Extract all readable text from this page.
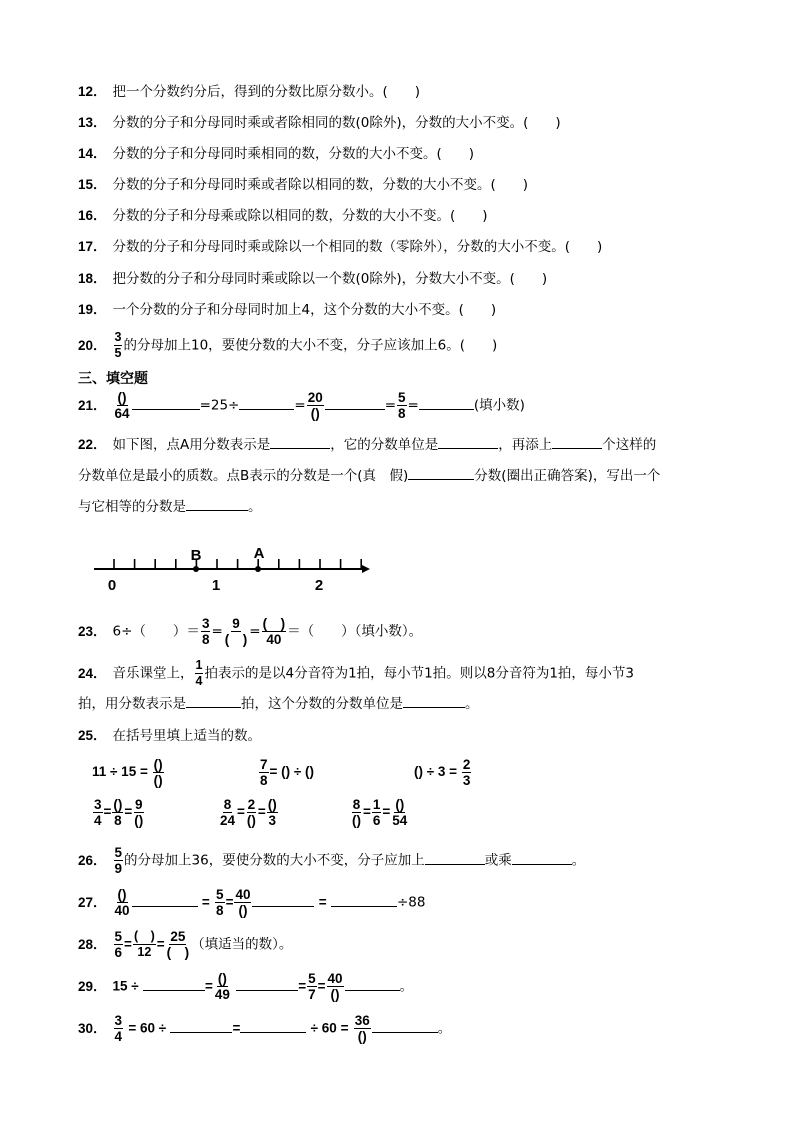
12． 把一个分数约分后，得到的分数比原分数小。(　　)
13． 分数的分子和分母同时乘或者除相同的数(0除外)，分数的大小不变。(　　)
14． 分数的分子和分母同时乘相同的数，分数的大小不变。(　　)
15． 分数的分子和分母同时乘或者除以相同的数，分数的大小不变。(　　)
16． 分数的分子和分母乘或除以相同的数，分数的大小不变。(　　)
17． 分数的分子和分母同时乘或除以一个相同的数（零除外），分数的大小不变。(　　)
18． 把分数的分子和分母同时乘或除以一个数(0除外)，分数大小不变。(　　)
19． 一个分数的分子和分母同时加上4，这个分数的大小不变。(　　)
20． $\frac{3}{5}$ 的分母加上10，要使分数的大小不变，分子应该加上6。(　　)
三、填空题
21． $\frac{()}{64}$	=25÷	= $\frac{20}{()}$	= $\frac{5}{8}$ =	(填小数)
22． 如下图，点A用分数表示是	，它的分数单位是	，再添上	个这样的
分数单位是最小的质数。点B表示的分数是一个(真　假)	分数(圈出正确答案)，写出一个
与它相等的分数是	。
0	1	2
A
B
23． 6÷（　　）＝ $\frac{3}{8} = \frac{9}{( )} = \frac{( )}{40}$ ＝（　　）（填小数）。
24． 音乐课堂上， $\frac{1}{4}$ 拍表示的是以4分音符为1拍，每小节1拍。则以8分音符为1拍，每小节3
拍，用分数表示是	拍，这个分数的分数单位是	。
25． 在括号里填上适当的数。
$11 \div 15 = \frac{()}{()}$	$\frac{7}{8}$ = () ÷ ()	() ÷ $3 = \frac{2}{3}$
$\frac{3}{4} = \frac{()}{8} = \frac{9}{()}$	$\frac{8}{24} = \frac{2}{()} = \frac{()}{3}$	$\frac{8}{()} = \frac{1}{6} = \frac{()}{54}$
26． $\frac{5}{9}$ 的分母加上36，要使分数的大小不变，分子应加上	或乘	。
27． $\frac{()}{40}$	= $\frac{5}{8} = \frac{40}{()}$	=	÷88
28． $\frac{5}{6} = \frac{( )}{12} = \frac{25}{( )}$ （填适当的数）。
29． 15 ÷	= $\frac{()}{49}$	= $\frac{5}{7} = \frac{40}{()}$	。
30． $\frac{3}{4} = 60$ ÷	=	÷ $60 = \frac{36}{()}$	。
